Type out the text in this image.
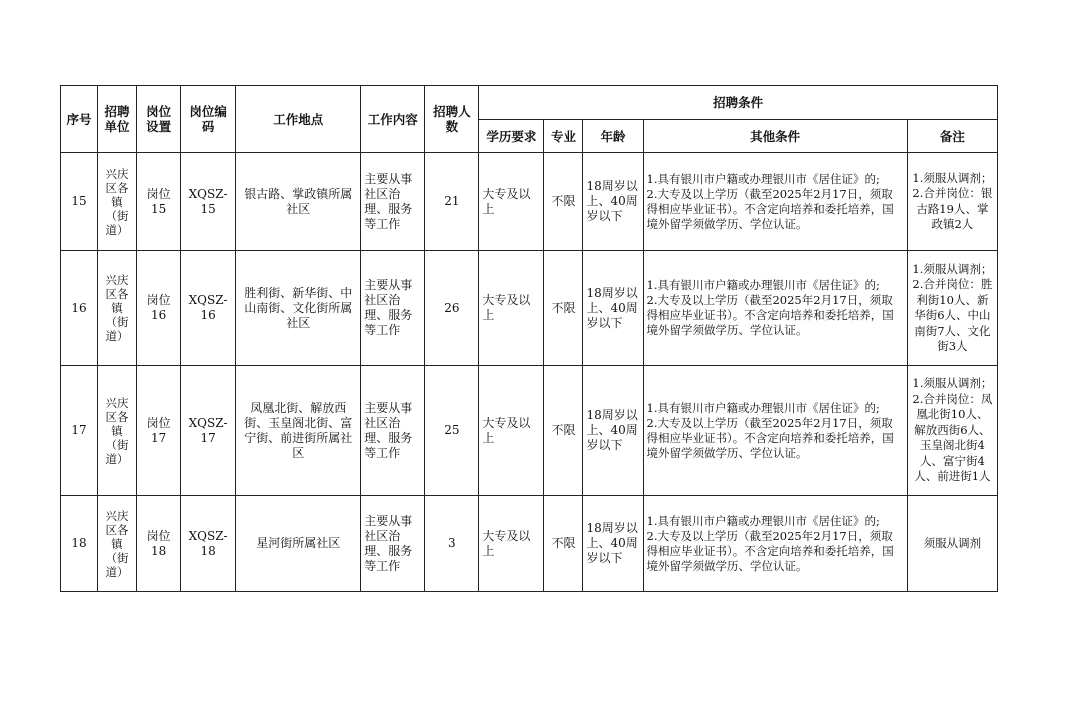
序号	招聘单位	岗位设置	岗位编码	工作地点	工作内容	招聘人数	招聘条件				
							学历要求	专业	年龄	其他条件	备注
15	兴庆区各镇（街道）	岗位15	XQSZ-15	银古路、掌政镇所属社区	主要从事社区治理、服务等工作	21	大专及以上	不限	18周岁以上、40周岁以下	1.具有银川市户籍或办理银川市《居住证》的;
2.大专及以上学历（截至2025年2月17日，须取得相应毕业证书）。不含定向培养和委托培养，国境外留学须做学历、学位认证。	1.须服从调剂；2.合并岗位：银古路19人、掌政镇2人
16	兴庆区各镇（街道）	岗位16	XQSZ-16	胜利街、新华街、中山南街、文化街所属社区	主要从事社区治理、服务等工作	26	大专及以上	不限	18周岁以上、40周岁以下	1.具有银川市户籍或办理银川市《居住证》的;
2.大专及以上学历（截至2025年2月17日，须取得相应毕业证书）。不含定向培养和委托培养，国境外留学须做学历、学位认证。	1.须服从调剂；2.合并岗位：胜利街10人、新华街6人、中山南街7人、文化街3人
17	兴庆区各镇（街道）	岗位17	XQSZ-17	凤凰北街、解放西街、玉皇阁北街、富宁街、前进街所属社区	主要从事社区治理、服务等工作	25	大专及以上	不限	18周岁以上、40周岁以下	1.具有银川市户籍或办理银川市《居住证》的;
2.大专及以上学历（截至2025年2月17日，须取得相应毕业证书）。不含定向培养和委托培养，国境外留学须做学历、学位认证。	1.须服从调剂；2.合并岗位：凤凰北街10人、解放西街6人、玉皇阁北街4人、富宁街4人、前进街1人
18	兴庆区各镇（街道）	岗位18	XQSZ-18	星河街所属社区	主要从事社区治理、服务等工作	3	大专及以上	不限	18周岁以上、40周岁以下	1.具有银川市户籍或办理银川市《居住证》的;
2.大专及以上学历（截至2025年2月17日，须取得相应毕业证书）。不含定向培养和委托培养，国境外留学须做学历、学位认证。	须服从调剂
